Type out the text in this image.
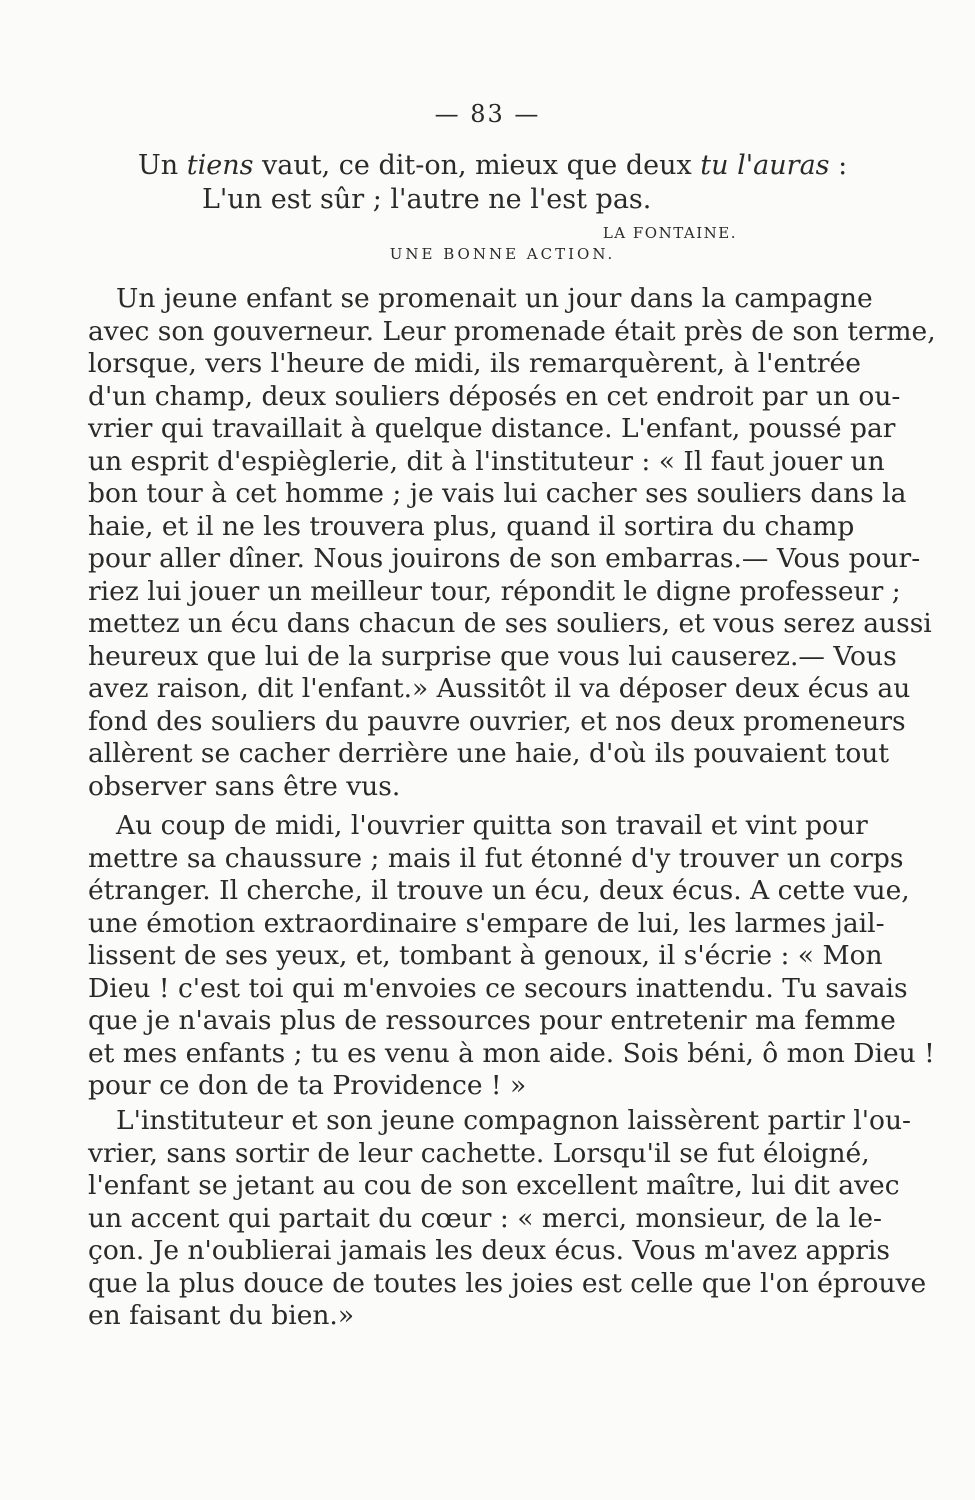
— 83 —
Un tiens vaut, ce dit-on, mieux que deux tu l'auras :
L'un est sûr ; l'autre ne l'est pas.
LA FONTAINE.
UNE BONNE ACTION.
Un jeune enfant se promenait un jour dans la campagne
avec son gouverneur. Leur promenade était près de son terme,
lorsque, vers l'heure de midi, ils remarquèrent, à l'entrée
d'un champ, deux souliers déposés en cet endroit par un ou-
vrier qui travaillait à quelque distance. L'enfant, poussé par
un esprit d'espièglerie, dit à l'instituteur : « Il faut jouer un
bon tour à cet homme ; je vais lui cacher ses souliers dans la
haie, et il ne les trouvera plus, quand il sortira du champ
pour aller dîner. Nous jouirons de son embarras.— Vous pour-
riez lui jouer un meilleur tour, répondit le digne professeur ;
mettez un écu dans chacun de ses souliers, et vous serez aussi
heureux que lui de la surprise que vous lui causerez.— Vous
avez raison, dit l'enfant.» Aussitôt il va déposer deux écus au
fond des souliers du pauvre ouvrier, et nos deux promeneurs
allèrent se cacher derrière une haie, d'où ils pouvaient tout
observer sans être vus.
Au coup de midi, l'ouvrier quitta son travail et vint pour
mettre sa chaussure ; mais il fut étonné d'y trouver un corps
étranger. Il cherche, il trouve un écu, deux écus. A cette vue,
une émotion extraordinaire s'empare de lui, les larmes jail-
lissent de ses yeux, et, tombant à genoux, il s'écrie : « Mon
Dieu ! c'est toi qui m'envoies ce secours inattendu. Tu savais
que je n'avais plus de ressources pour entretenir ma femme
et mes enfants ; tu es venu à mon aide. Sois béni, ô mon Dieu !
pour ce don de ta Providence ! »
L'instituteur et son jeune compagnon laissèrent partir l'ou-
vrier, sans sortir de leur cachette. Lorsqu'il se fut éloigné,
l'enfant se jetant au cou de son excellent maître, lui dit avec
un accent qui partait du cœur : « merci, monsieur, de la le-
çon. Je n'oublierai jamais les deux écus. Vous m'avez appris
que la plus douce de toutes les joies est celle que l'on éprouve
en faisant du bien.»
